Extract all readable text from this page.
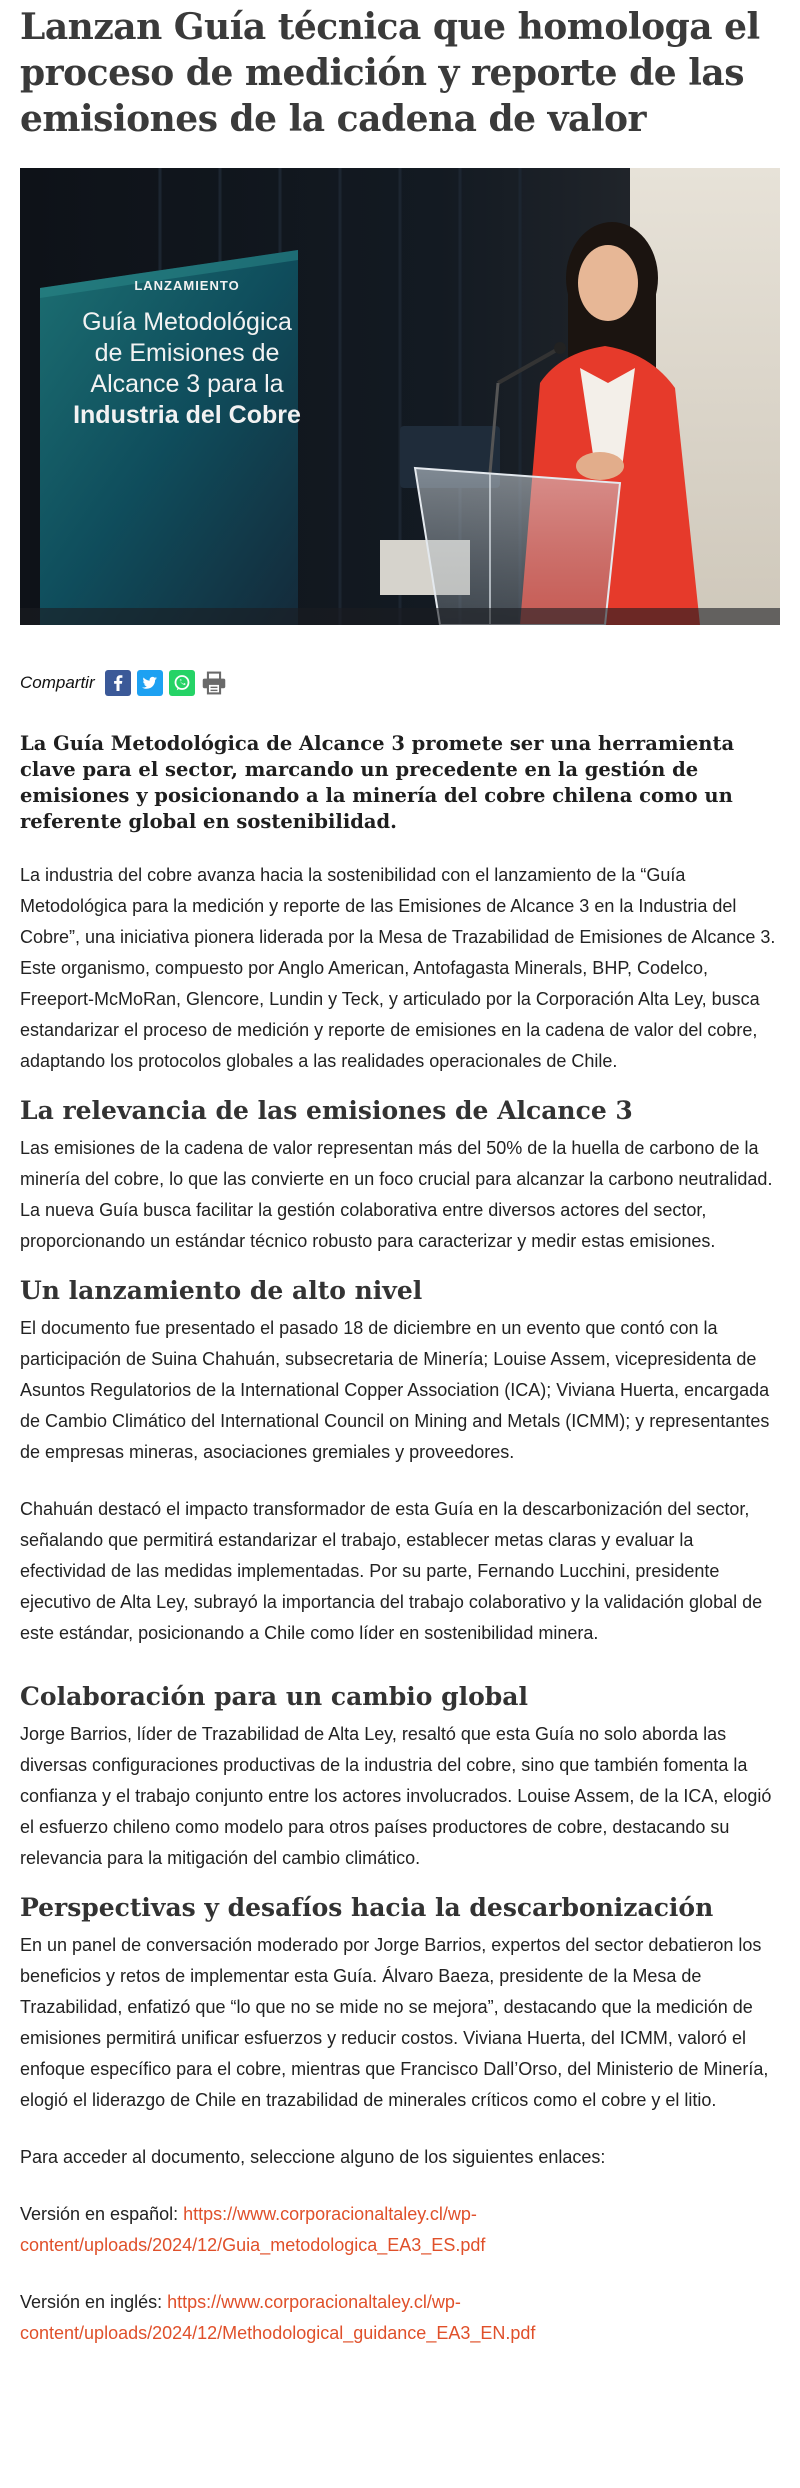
Lanzan Guía técnica que homologa el proceso de medición y reporte de las emisiones de la cadena de valor
LANZAMIENTO
Guía Metodológica
de Emisiones de
Alcance 3 para la
Industria del Cobre
Compartir

La Guía Metodológica de Alcance 3 promete ser una herramienta clave para el sector, marcando un precedente en la gestión de emisiones y posicionando a la minería del cobre chilena como un referente global en sostenibilidad.

La industria del cobre avanza hacia la sostenibilidad con el lanzamiento de la “Guía Metodológica para la medición y reporte de las Emisiones de Alcance 3 en la Industria del Cobre”, una iniciativa pionera liderada por la Mesa de Trazabilidad de Emisiones de Alcance 3. Este organismo, compuesto por Anglo American, Antofagasta Minerals, BHP, Codelco, Freeport-McMoRan, Glencore, Lundin y Teck, y articulado por la Corporación Alta Ley, busca estandarizar el proceso de medición y reporte de emisiones en la cadena de valor del cobre, adaptando los protocolos globales a las realidades operacionales de Chile.

La relevancia de las emisiones de Alcance 3

Las emisiones de la cadena de valor representan más del 50% de la huella de carbono de la minería del cobre, lo que las convierte en un foco crucial para alcanzar la carbono neutralidad. La nueva Guía busca facilitar la gestión colaborativa entre diversos actores del sector, proporcionando un estándar técnico robusto para caracterizar y medir estas emisiones.

Un lanzamiento de alto nivel

El documento fue presentado el pasado 18 de diciembre en un evento que contó con la participación de Suina Chahuán, subsecretaria de Minería; Louise Assem, vicepresidenta de Asuntos Regulatorios de la International Copper Association (ICA); Viviana Huerta, encargada de Cambio Climático del International Council on Mining and Metals (ICMM); y representantes de empresas mineras, asociaciones gremiales y proveedores.

Chahuán destacó el impacto transformador de esta Guía en la descarbonización del sector, señalando que permitirá estandarizar el trabajo, establecer metas claras y evaluar la efectividad de las medidas implementadas. Por su parte, Fernando Lucchini, presidente ejecutivo de Alta Ley, subrayó la importancia del trabajo colaborativo y la validación global de este estándar, posicionando a Chile como líder en sostenibilidad minera.

Colaboración para un cambio global

Jorge Barrios, líder de Trazabilidad de Alta Ley, resaltó que esta Guía no solo aborda las diversas configuraciones productivas de la industria del cobre, sino que también fomenta la confianza y el trabajo conjunto entre los actores involucrados. Louise Assem, de la ICA, elogió el esfuerzo chileno como modelo para otros países productores de cobre, destacando su relevancia para la mitigación del cambio climático.

Perspectivas y desafíos hacia la descarbonización

En un panel de conversación moderado por Jorge Barrios, expertos del sector debatieron los beneficios y retos de implementar esta Guía. Álvaro Baeza, presidente de la Mesa de Trazabilidad, enfatizó que “lo que no se mide no se mejora”, destacando que la medición de emisiones permitirá unificar esfuerzos y reducir costos. Viviana Huerta, del ICMM, valoró el enfoque específico para el cobre, mientras que Francisco Dall’Orso, del Ministerio de Minería, elogió el liderazgo de Chile en trazabilidad de minerales críticos como el cobre y el litio.

Para acceder al documento, seleccione alguno de los siguientes enlaces:

Versión en español: https://www.corporacionaltaley.cl/wp-content/uploads/2024/12/Guia_metodologica_EA3_ES.pdf

Versión en inglés: https://www.corporacionaltaley.cl/wp-content/uploads/2024/12/Methodological_guidance_EA3_EN.pdf
